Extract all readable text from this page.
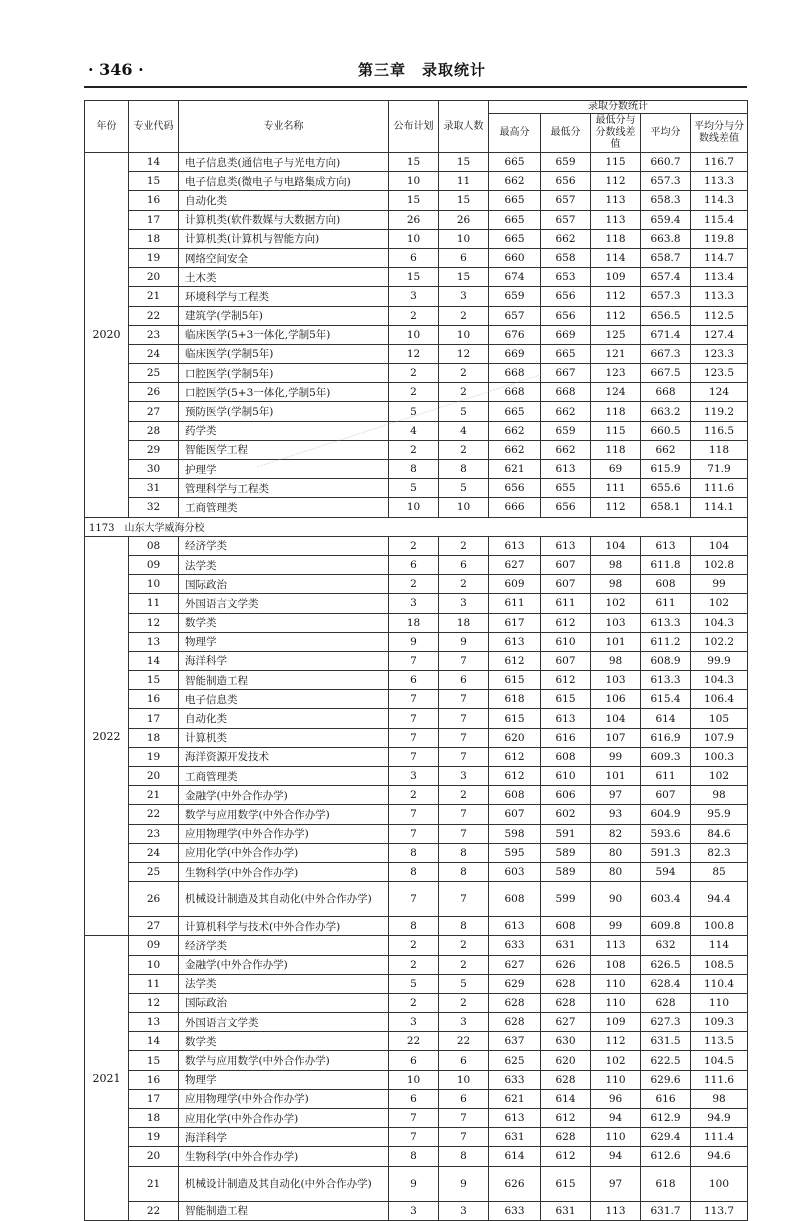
· 346 ·	第三章　录取统计
年份	专业代码	专业名称	公布计划	录取人数	录取分数统计				
					最高分	最低分	最低分与分数线差值	平均分	平均分与分数线差值
2020	14	电子信息类(通信电子与光电方向)	15	15	665	659	115	660.7	116.7
	15	电子信息类(微电子与电路集成方向)	10	11	662	656	112	657.3	113.3
	16	自动化类	15	15	665	657	113	658.3	114.3
	17	计算机类(软件数媒与大数据方向)	26	26	665	657	113	659.4	115.4
	18	计算机类(计算机与智能方向)	10	10	665	662	118	663.8	119.8
	19	网络空间安全	6	6	660	658	114	658.7	114.7
	20	土木类	15	15	674	653	109	657.4	113.4
	21	环境科学与工程类	3	3	659	656	112	657.3	113.3
	22	建筑学(学制5年)	2	2	657	656	112	656.5	112.5
	23	临床医学(5+3一体化,学制5年)	10	10	676	669	125	671.4	127.4
	24	临床医学(学制5年)	12	12	669	665	121	667.3	123.3
	25	口腔医学(学制5年)	2	2	668	667	123	667.5	123.5
	26	口腔医学(5+3一体化,学制5年)	2	2	668	668	124	668	124
	27	预防医学(学制5年)	5	5	665	662	118	663.2	119.2
	28	药学类	4	4	662	659	115	660.5	116.5
	29	智能医学工程	2	2	662	662	118	662	118
	30	护理学	8	8	621	613	69	615.9	71.9
	31	管理科学与工程类	5	5	656	655	111	655.6	111.6
	32	工商管理类	10	10	666	656	112	658.1	114.1
1173　山东大学威海分校									
2022	08	经济学类	2	2	613	613	104	613	104
	09	法学类	6	6	627	607	98	611.8	102.8
	10	国际政治	2	2	609	607	98	608	99
	11	外国语言文学类	3	3	611	611	102	611	102
	12	数学类	18	18	617	612	103	613.3	104.3
	13	物理学	9	9	613	610	101	611.2	102.2
	14	海洋科学	7	7	612	607	98	608.9	99.9
	15	智能制造工程	6	6	615	612	103	613.3	104.3
	16	电子信息类	7	7	618	615	106	615.4	106.4
	17	自动化类	7	7	615	613	104	614	105
	18	计算机类	7	7	620	616	107	616.9	107.9
	19	海洋资源开发技术	7	7	612	608	99	609.3	100.3
	20	工商管理类	3	3	612	610	101	611	102
	21	金融学(中外合作办学)	2	2	608	606	97	607	98
	22	数学与应用数学(中外合作办学)	7	7	607	602	93	604.9	95.9
	23	应用物理学(中外合作办学)	7	7	598	591	82	593.6	84.6
	24	应用化学(中外合作办学)	8	8	595	589	80	591.3	82.3
	25	生物科学(中外合作办学)	8	8	603	589	80	594	85
	26	机械设计制造及其自动化(中外合作办学)	7	7	608	599	90	603.4	94.4
	27	计算机科学与技术(中外合作办学)	8	8	613	608	99	609.8	100.8
2021	09	经济学类	2	2	633	631	113	632	114
	10	金融学(中外合作办学)	2	2	627	626	108	626.5	108.5
	11	法学类	5	5	629	628	110	628.4	110.4
	12	国际政治	2	2	628	628	110	628	110
	13	外国语言文学类	3	3	628	627	109	627.3	109.3
	14	数学类	22	22	637	630	112	631.5	113.5
	15	数学与应用数学(中外合作办学)	6	6	625	620	102	622.5	104.5
	16	物理学	10	10	633	628	110	629.6	111.6
	17	应用物理学(中外合作办学)	6	6	621	614	96	616	98
	18	应用化学(中外合作办学)	7	7	613	612	94	612.9	94.9
	19	海洋科学	7	7	631	628	110	629.4	111.4
	20	生物科学(中外合作办学)	8	8	614	612	94	612.6	94.6
	21	机械设计制造及其自动化(中外合作办学)	9	9	626	615	97	618	100
	22	智能制造工程	3	3	633	631	113	631.7	113.7
